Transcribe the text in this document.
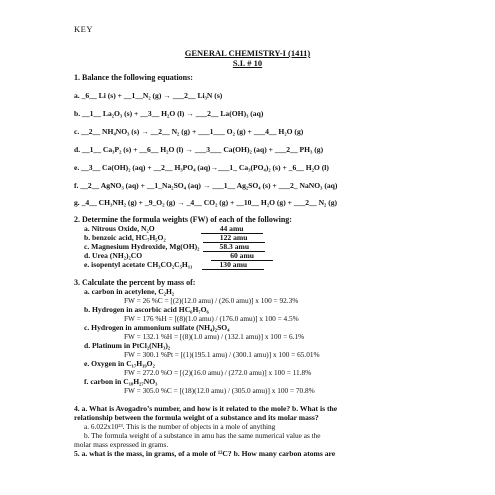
KEY
GENERAL CHEMISTRY-I (1411)
S.I. # 10
1. Balance the following equations:
a. _6__ Li (s) + __1__N₂ (g) → ___2__ Li₃N (s)
b. __1__ La₂O₃ (s) + __3__ H₂O (l) → ___2__ La(OH)₃ (aq)
c. __2__ NH₄NO₃ (s) → __2__ N₂ (g) + ___1___ O₂ (g) + ___4__ H₂O (g)
d. __1__ Ca₃P₂ (s) + __6__ H₂O (l) → ___3___ Ca(OH)₂ (aq) + ___2__ PH₃ (g)
e. __3__ Ca(OH)₂ (aq) + __2__ H₃PO₄ (aq)→___1_ Ca₃(PO₄)₂ (s) + _6__ H₂O (l)
f. __2__ AgNO₃ (aq) + __1_Na₂SO₄ (aq) → ___1__ Ag₂SO₄ (s) + ___2_ NaNO₃ (aq)
g. _4__ CH₃NH₂ (g) + _9_O₂ (g) → _4__ CO₂ (g) + __10__ H₂O (g) + ___2__ N₂ (g)
2. Determine the formula weights (FW) of each of the following:
a. Nitrous Oxide, N₂O	44 amu
b. benzoic acid, HC₇H₅O₂	122 amu
c. Magnesium Hydroxide, Mg(OH)₂	58.3 amu
d. Urea (NH₂)₂CO	60 amu
e. isopentyl acetate CH₃CO₂C₅H₁₁	130 amu
3. Calculate the percent by mass of:
a. carbon in acetylene, C₂H₂
FW = 26 %C = [(2)(12.0 amu) / (26.0 amu)] x 100 = 92.3%
b. Hydrogen in ascorbic acid HC₆H₇O₆
FW = 176 %H = [(8)(1.0 amu) / (176.0 amu)] x 100 = 4.5%
c. Hydrogen in ammonium sulfate (NH₄)₂SO₄
FW = 132.1 %H = [(8)(1.0 amu) / (132.1 amu)] x 100 = 6.1%
d. Platinum in PtCl₂(NH₃)₂
FW = 300.1 %Pt = [(1)(195.1 amu) / (300.1 amu)] x 100 = 65.01%
e. Oxygen in C₁₇H₁₉O₂
FW = 272.0 %O = [(2)(16.0 amu) / (272.0 amu)] x 100 = 11.8%
f. carbon in C₁₈H₂₇NO₃
FW = 305.0 %C = [(18)(12.0 amu) / (305.0 amu)] x 100 = 70.8%
4. a. What is Avogadro’s number, and how is it related to the mole? b. What is the
relationship between the formula weight of a substance and its molar mass?
a. 6.022x10²³. This is the number of objects in a mole of anything
b. The formula weight of a substance in amu has the same numerical value as the
molar mass expressed in grams.
5. a. what is the mass, in grams, of a mole of ¹²C? b. How many carbon atoms are
